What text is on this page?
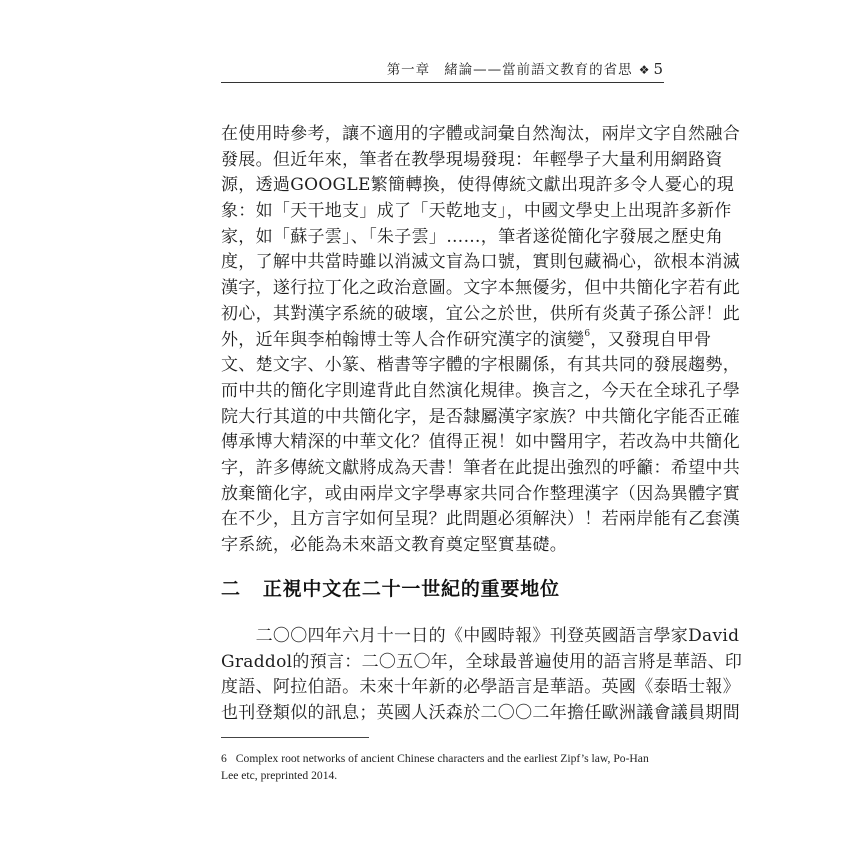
第一章 緒論——當前語文教育的省思 ❖ 5
在使用時參考，讓不適用的字體或詞彙自然淘汰，兩岸文字自然融合
發展。但近年來，筆者在教學現場發現：年輕學子大量利用網路資
源，透過GOOGLE繁簡轉換，使得傳統文獻出現許多令人憂心的現
象：如「天干地支」成了「天乾地支」，中國文學史上出現許多新作
家，如「蘇子雲」、「朱子雲」……，筆者遂從簡化字發展之歷史角
度，了解中共當時雖以消滅文盲為口號，實則包藏禍心，欲根本消滅
漢字，遂行拉丁化之政治意圖。文字本無優劣，但中共簡化字若有此
初心，其對漢字系統的破壞，宜公之於世，供所有炎黃子孫公評！此
外，近年與李柏翰博士等人合作研究漢字的演變$^6$，又發現自甲骨
文、楚文字、小篆、楷書等字體的字根關係，有其共同的發展趨勢，
而中共的簡化字則違背此自然演化規律。換言之，今天在全球孔子學
院大行其道的中共簡化字，是否隸屬漢字家族？中共簡化字能否正確
傳承博大精深的中華文化？值得正視！如中醫用字，若改為中共簡化
字，許多傳統文獻將成為天書！筆者在此提出強烈的呼籲：希望中共
放棄簡化字，或由兩岸文字學專家共同合作整理漢字（因為異體字實
在不少，且方言字如何呈現？此問題必須解決）！若兩岸能有乙套漢
字系統，必能為未來語文教育奠定堅實基礎。
二 正視中文在二十一世紀的重要地位
　　二〇〇四年六月十一日的《中國時報》刊登英國語言學家David
Graddol的預言：二〇五〇年，全球最普遍使用的語言將是華語、印
度語、阿拉伯語。未來十年新的必學語言是華語。英國《泰晤士報》
也刊登類似的訊息；英國人沃森於二〇〇二年擔任歐洲議會議員期間
6 Complex root networks of ancient Chinese characters and the earliest Zipf’s law, Po-Han
Lee etc, preprinted 2014.
